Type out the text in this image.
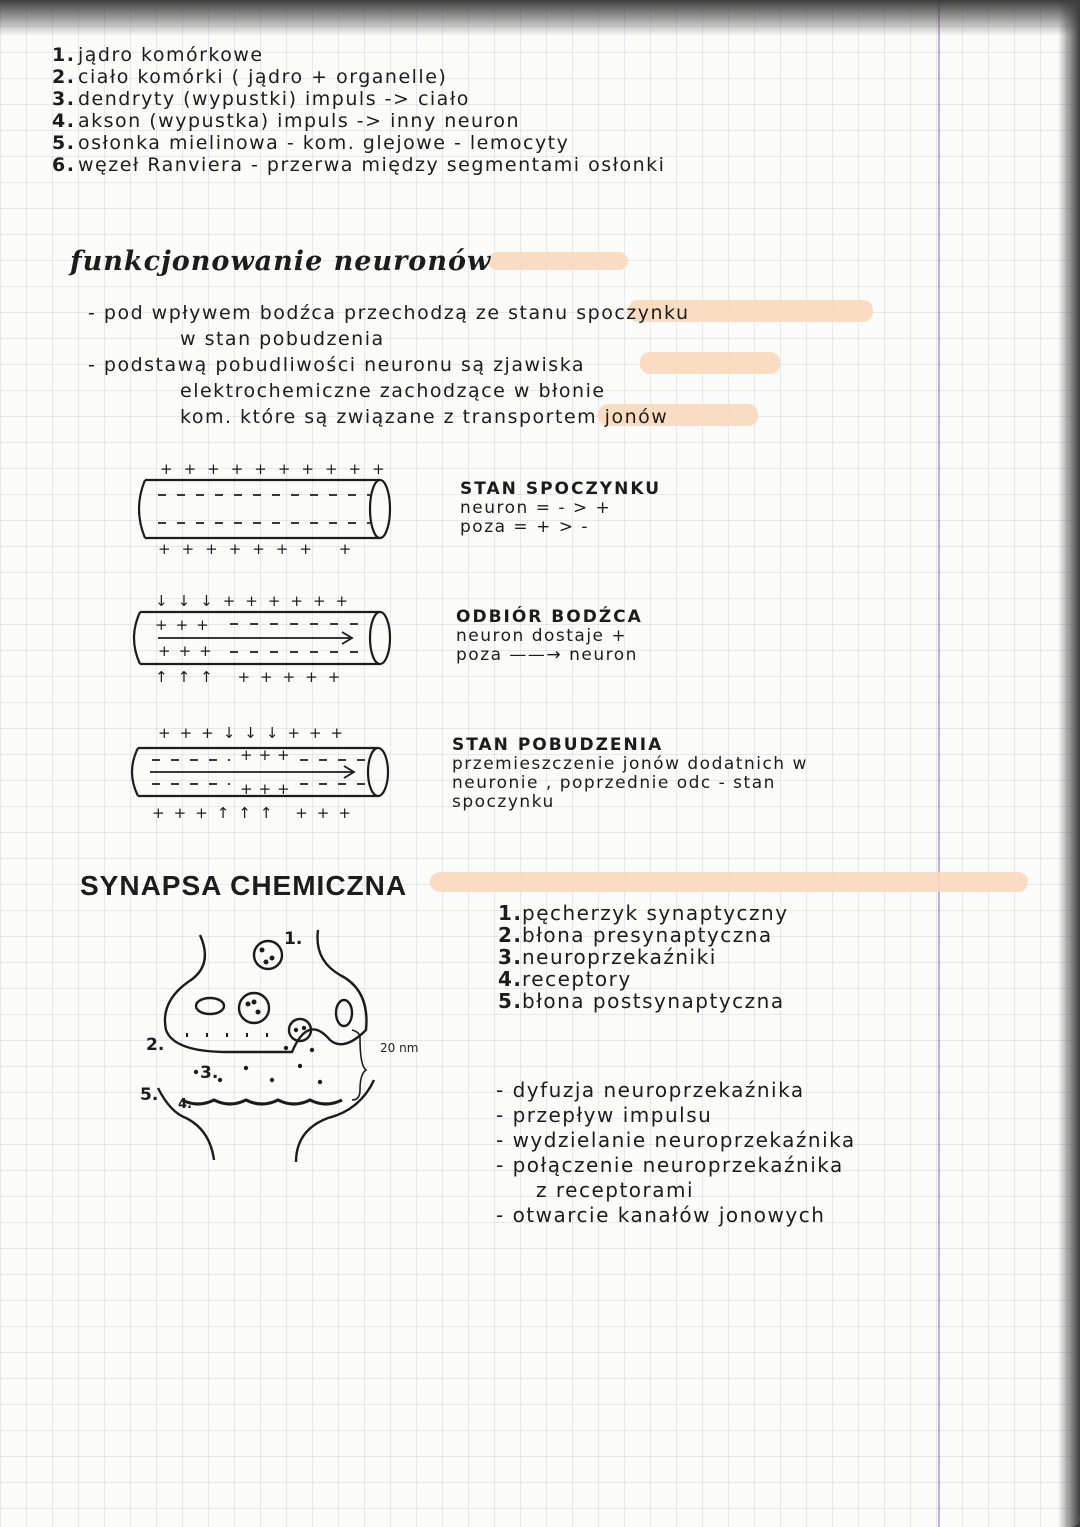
1. jądro komórkowe
2. ciało komórki ( jądro + organelle)
3. dendryty (wypustki) impuls -> ciało
4. akson (wypustka) impuls -> inny neuron
5. osłonka mielinowa - kom. glejowe - lemocyty
6. węzeł Ranviera - przerwa między segmentami osłonki
funkcjonowanie neuronów
- pod wpływem bodźca przechodzą ze stanu spoczynku
w stan pobudzenia
- podstawą pobudliwości neuronu są zjawiska
elektrochemiczne zachodzące w błonie
kom. które są związane z transportem jonów
++++++++++
+++++++ +
↓↓↓++++++
+++
+++
↑↑↑ +++++
+++↓↓↓+++
+++
+++
+++↑↑↑ +++
STAN SPOCZYNKU
neuron = - > +
poza = + > -
ODBIÓR BODŹCA
neuron dostaje +
poza ——→ neuron
STAN POBUDZENIA
przemieszczenie jonów dodatnich w
neuronie , poprzednie odc - stan
spoczynku
SYNAPSA CHEMICZNA
1.
2.
3.
4.
5.
20 nm
1.pęcherzyk synaptyczny
2.błona presynaptyczna
3.neuroprzekaźniki
4.receptory
5.błona postsynaptyczna
- dyfuzja neuroprzekaźnika
- przepływ impulsu
- wydzielanie neuroprzekaźnika
- połączenie neuroprzekaźnika
z receptorami
- otwarcie kanałów jonowych
